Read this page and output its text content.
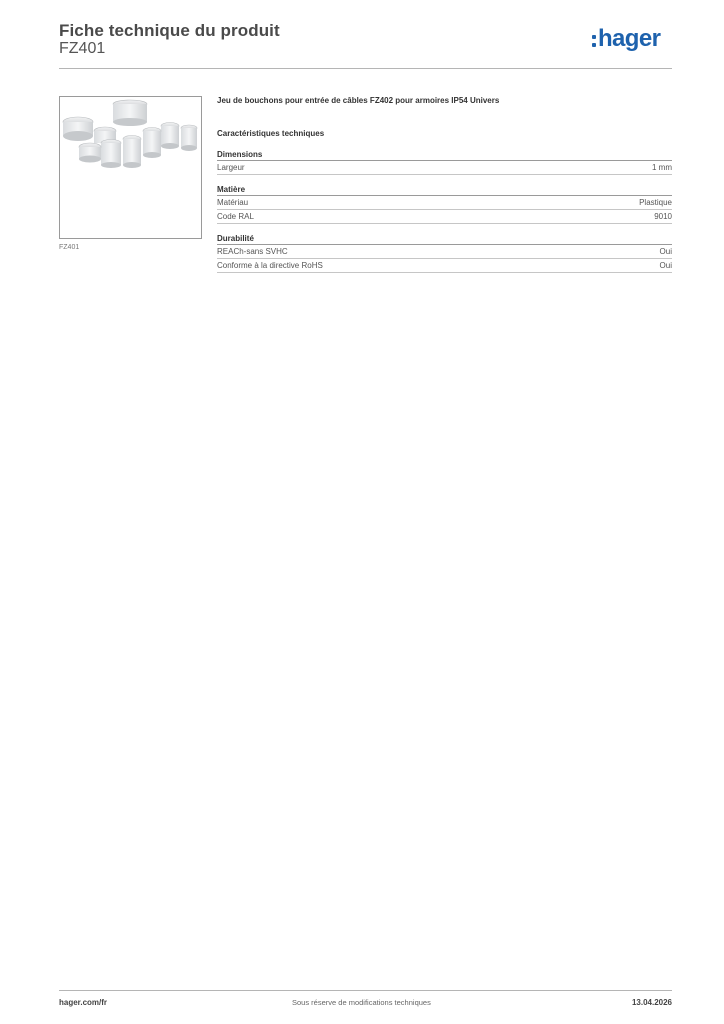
Fiche technique du produit
FZ401	hager
FZ401

Jeu de bouchons pour entrée de câbles FZ402 pour armoires IP54 Univers

Caractéristiques techniques

Dimensions
Largeur	1 mm
Matière
Matériau	Plastique
Code RAL	9010
Durabilité
REACh-sans SVHC	Oui
Conforme à la directive RoHS	Oui
hager.com/fr	Sous réserve de modifications techniques	13.04.2026
